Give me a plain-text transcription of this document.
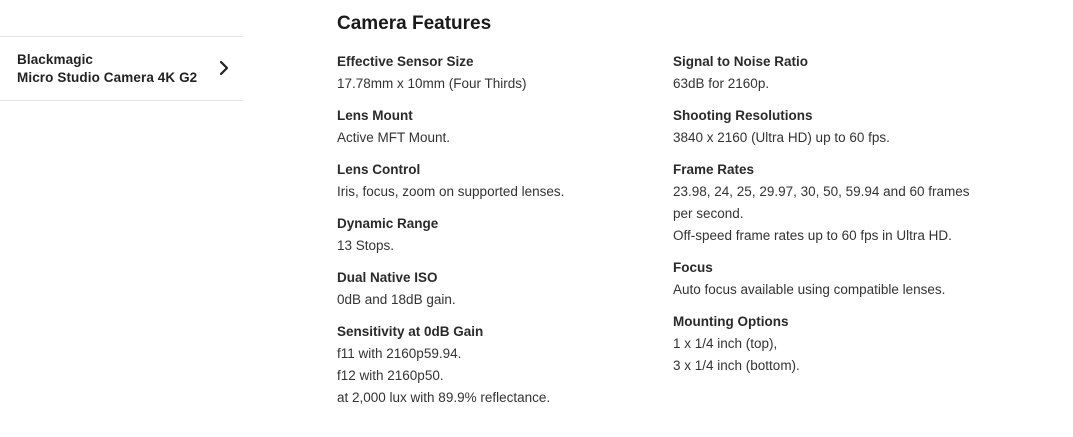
Blackmagic
Micro Studio Camera 4K G2
Camera Features
Effective Sensor Size
17.78mm x 10mm (Four Thirds)
Lens Mount
Active MFT Mount.
Lens Control
Iris, focus, zoom on supported lenses.
Dynamic Range
13 Stops.
Dual Native ISO
0dB and 18dB gain.
Sensitivity at 0dB Gain
f11 with 2160p59.94.
f12 with 2160p50.
at 2,000 lux with 89.9% reflectance.
Signal to Noise Ratio
63dB for 2160p.
Shooting Resolutions
3840 x 2160 (Ultra HD) up to 60 fps.
Frame Rates
23.98, 24, 25, 29.97, 30, 50, 59.94 and 60 frames
per second.
Off-speed frame rates up to 60 fps in Ultra HD.
Focus
Auto focus available using compatible lenses.
Mounting Options
1 x 1/4 inch (top),
3 x 1/4 inch (bottom).
